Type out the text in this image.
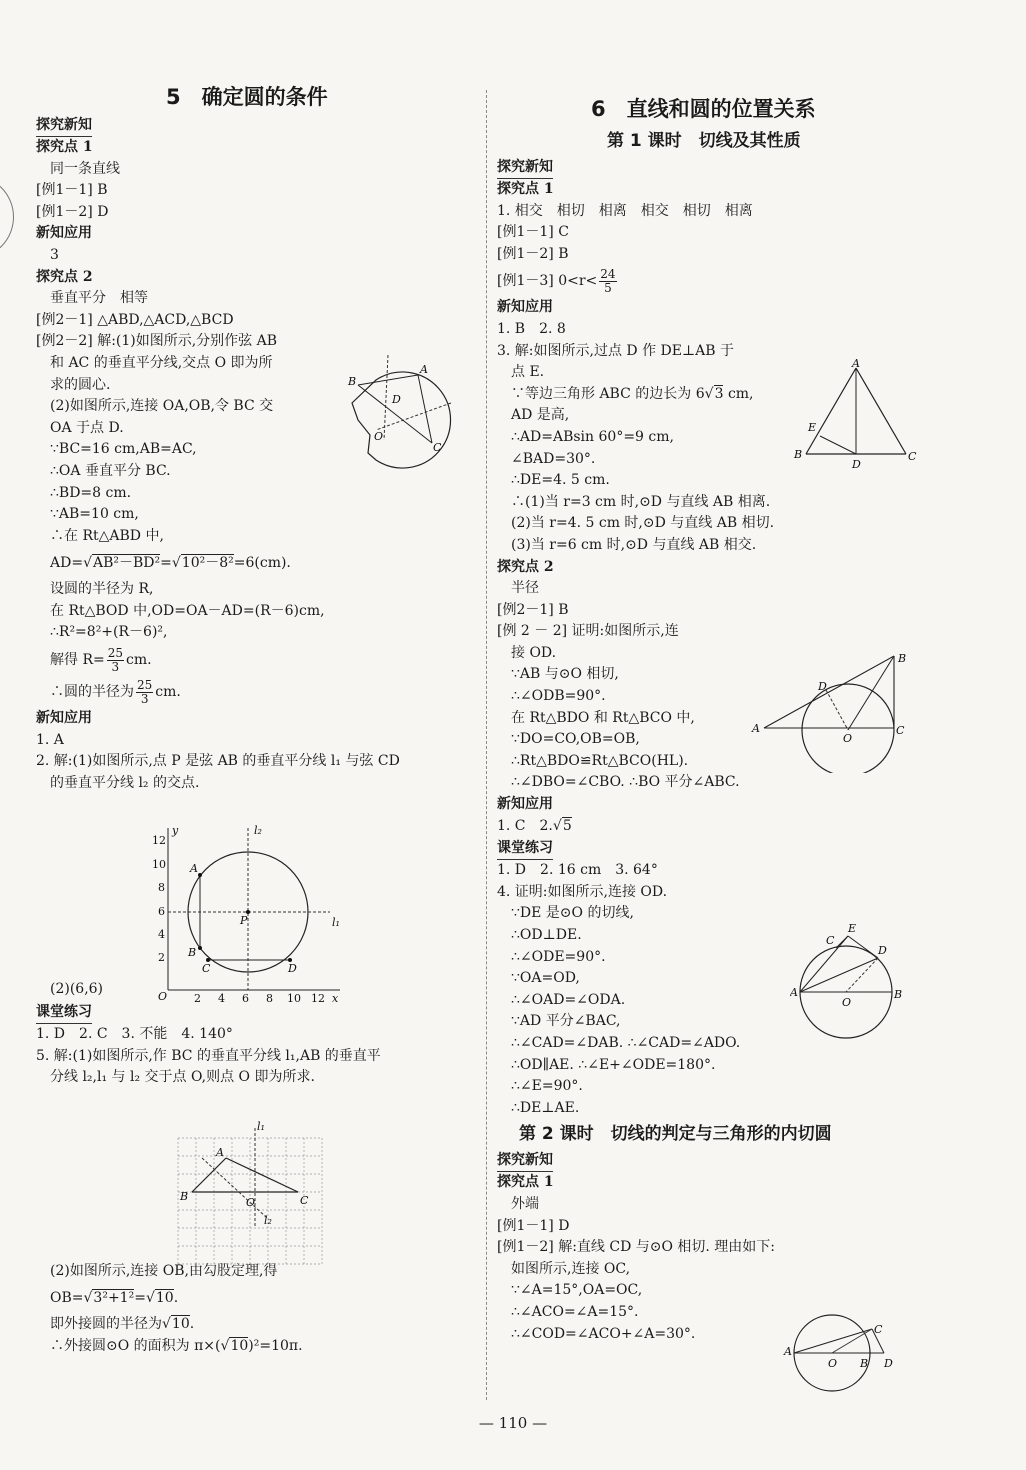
5　确定圆的条件
探究新知
探究点 1
同一条直线
[例1－1] B
[例1－2] D
新知应用
3
探究点 2
垂直平分　相等
[例2－1] △ABD,△ACD,△BCD
[例2－2] 解:(1)如图所示,分别作弦 AB
和 AC 的垂直平分线,交点 O 即为所
求的圆心.
(2)如图所示,连接 OA,OB,令 BC 交
OA 于点 D.
∵BC=16 cm,AB=AC,
∴OA 垂直平分 BC.
∴BD=8 cm.
∵AB=10 cm,
∴在 Rt△ABD 中,
AD=√AB²－BD²=√10²－8²=6(cm).
设圆的半径为 R,
在 Rt△BOD 中,OD=OA－AD=(R－6)cm,
∴R²=8²+(R－6)²,
解得 $R= \frac{25}{3}$ cm.
∴圆的半径为 $\frac{25}{3}$ cm.
新知应用
1. A
2. 解:(1)如图所示,点 P 是弦 AB 的垂直平分线 l₁ 与弦 CD
的垂直平分线 l₂ 的交点.
(2)(6,6)
课堂练习
1. D　2. C　3. 不能　4. 140°
5. 解:(1)如图所示,作 BC 的垂直平分线 l₁,AB 的垂直平
分线 l₂,l₁ 与 l₂ 交于点 O,则点 O 即为所求.
(2)如图所示,连接 OB,由勾股定理,得
OB=√3²+1²=√10.
即外接圆的半径为√10.
∴外接圆⊙O 的面积为 π×(√10)²=10π.
A
B
C
D
O
x
y
O
12
10
8
6
4
2
2 4 6 8 10 12
A
B
C	D
P	l₁
l₂
A
B	C
O
l₁
l₂
6　直线和圆的位置关系
第 1 课时　切线及其性质
探究新知
探究点 1
1. 相交　相切　相离　相交　相切　相离
[例1－1] C
[例1－2] B
[例1－3] $0<r< \frac{24}{5}$
新知应用
1. B　2. 8
3. 解:如图所示,过点 D 作 DE⊥AB 于
点 E.
∵等边三角形 ABC 的边长为 6√3 cm,
AD 是高,
∴AD=ABsin 60°=9 cm,
∠BAD=30°.
∴DE=4. 5 cm.
∴(1)当 r=3 cm 时,⊙D 与直线 AB 相离.
(2)当 r=4. 5 cm 时,⊙D 与直线 AB 相切.
(3)当 r=6 cm 时,⊙D 与直线 AB 相交.
探究点 2
半径
[例2－1] B
[例 2 － 2] 证明:如图所示,连
接 OD.
∵AB 与⊙O 相切,
∴∠ODB=90°.
在 Rt△BDO 和 Rt△BCO 中,
∵DO=CO,OB=OB,
∴Rt△BDO≌Rt△BCO(HL).
∴∠DBO=∠CBO. ∴BO 平分∠ABC.
新知应用
1. C　2.√5
课堂练习
1. D　2. 16 cm　3. 64°
4. 证明:如图所示,连接 OD.
∵DE 是⊙O 的切线,
∴OD⊥DE.
∴∠ODE=90°.
∵OA=OD,
∴∠OAD=∠ODA.
∵AD 平分∠BAC,
∴∠CAD=∠DAB. ∴∠CAD=∠ADO.
∴OD∥AE. ∴∠E+∠ODE=180°.
∴∠E=90°.
∴DE⊥AE.
第 2 课时　切线的判定与三角形的内切圆
探究新知
探究点 1
外端
[例1－1] D
[例1－2] 解:直线 CD 与⊙O 相切. 理由如下:
如图所示,连接 OC,
∵∠A=15°,OA=OC,
∴∠ACO=∠A=15°.
∴∠COD=∠ACO+∠A=30°.
A
B	C
D
E
A
B
C
D
O
A	B
C
D
E
O
A
B
C
D
O
— 110 —
